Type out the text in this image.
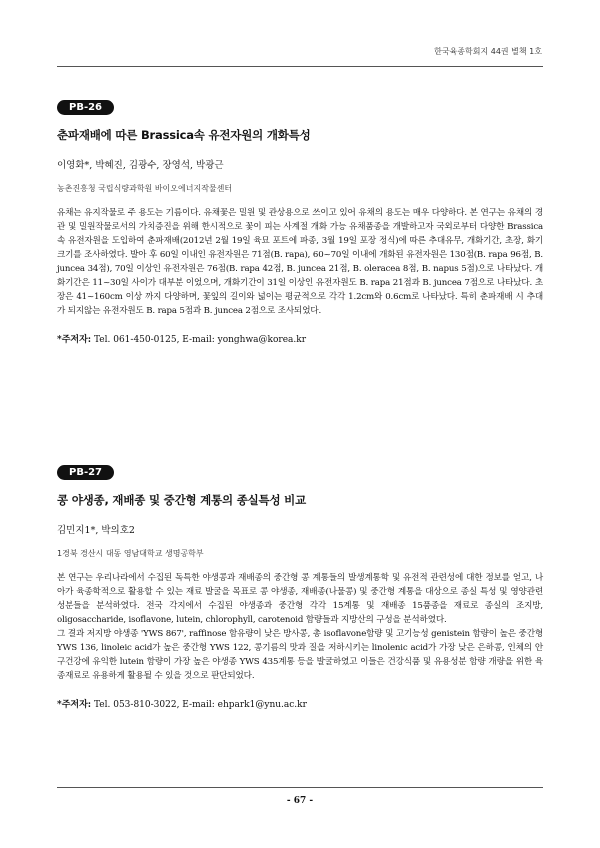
한국육종학회지 44권 별책 1호
PB-26
춘파재배에 따른 Brassica속 유전자원의 개화특성
이영화*, 박혜진, 김광수, 장영석, 박광근
농촌진흥청 국립식량과학원 바이오에너지작물센터

유채는 유지작물로 주 용도는 기름이다. 유채꽃은 밀원 및 관상용으로 쓰이고 있어 유채의 용도는 매우 다양하다. 본 연구는 유채의 경관 및 밀원작물로서의 가치증진을 위해 한시적으로 꽃이 피는 사계절 개화 가능 유채품종을 개발하고자 국외로부터 다양한 Brassica속 유전자원을 도입하여 춘파재배(2012년 2월 19일 육묘 포트에 파종, 3월 19일 포장 정식)에 따른 추대유무, 개화기간, 초장, 화기 크기를 조사하였다. 발아 후 60일 이내인 유전자원은 71점(B. rapa), 60~70일 이내에 개화된 유전자원은 130점(B. rapa 96점, B. juncea 34점), 70일 이상인 유전자원은 76점(B. rapa 42점, B. juncea 21점, B. oleracea 8점, B. napus 5점)으로 나타났다. 개화기간은 11~30일 사이가 대부분 이었으며, 개화기간이 31일 이상인 유전자원도 B. rapa 21점과 B. juncea 7점으로 나타났다. 초장은 41~160cm 이상 까지 다양하며, 꽃잎의 길이와 넓이는 평균적으로 각각 1.2cm와 0.6cm로 나타났다. 특히 춘파재배 시 추대가 되지않는 유전자원도 B. rapa 5점과 B. juncea 2점으로 조사되었다.

*주저자: Tel. 061-450-0125, E-mail: yonghwa@korea.kr
PB-27
콩 야생종, 재배종 및 중간형 계통의 종실특성 비교
김민지1*, 박의호2
1경북 경산시 대동 영남대학교 생명공학부

본 연구는 우리나라에서 수집된 독특한 야생콩과 재배종의 중간형 콩 계통들의 발생계통학 및 유전적 관련성에 대한 정보를 얻고, 나아가 육종학적으로 활용할 수 있는 재료 발굴을 목표로 콩 야생종, 재배종(나물콩) 및 중간형 계통을 대상으로 종실 특성 및 영양관련 성분들을 분석하였다. 전국 각지에서 수집된 야생종과 중간형 각각 15계통 및 재배종 15품종을 재료로 종실의 조지방, oligosaccharide, isoflavone, lutein, chlorophyll, carotenoid 함량들과 지방산의 구성을 분석하였다.

그 결과 저지방 야생종 'YWS 867', raffinose 함유량이 낮은 방사콩, 총 isoflavone함량 및 고기능성 genistein 함량이 높은 중간형 YWS 136, linoleic acid가 높은 중간형 YWS 122, 콩기름의 맛과 질을 저하시키는 linolenic acid가 가장 낮은 은하콩, 인체의 안구건강에 유익한 lutein 함량이 가장 높은 야생종 YWS 435계통 등을 발굴하였고 이들은 건강식품 및 유용성분 함량 개량을 위한 육종재료로 유용하게 활용될 수 있을 것으로 판단되었다.

*주저자: Tel. 053-810-3022, E-mail: ehpark1@ynu.ac.kr
- 67 -
